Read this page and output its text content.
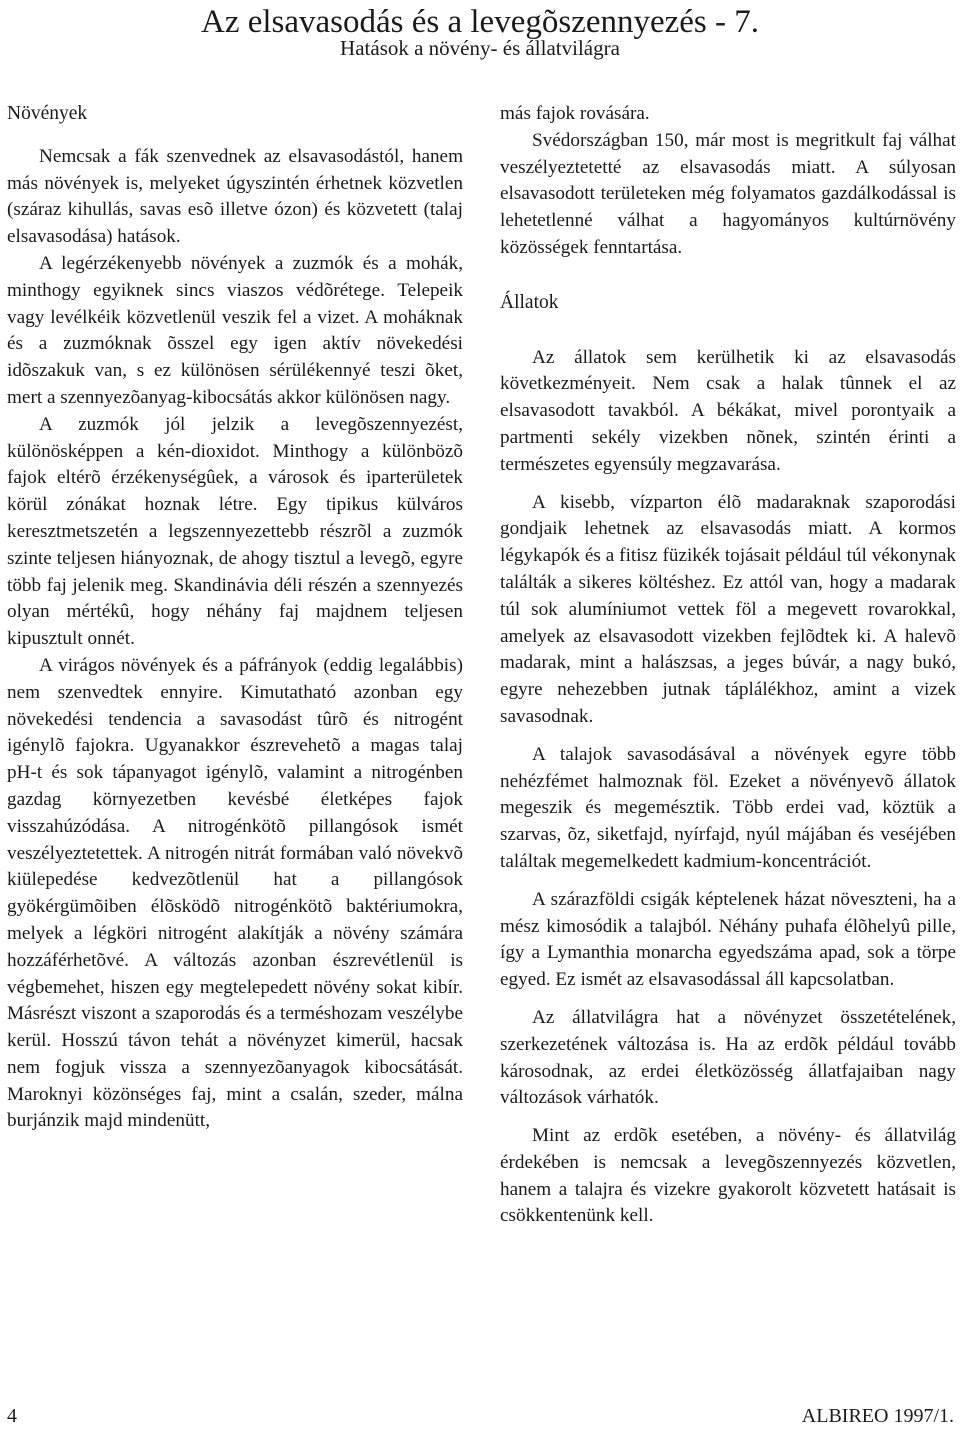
Az elsavasodás és a levegõszennyezés - 7.
Hatások a növény- és állatvilágra
Növények

Nemcsak a fák szenvednek az elsavasodástól, hanem más növények is, melyeket úgyszintén érhetnek közvetlen (száraz kihullás, savas esõ illetve ózon) és közvetett (talaj elsavasodása) hatások.

A legérzékenyebb növények a zuzmók és a mohák, minthogy egyiknek sincs viaszos védõrétege. Telepeik vagy levélkéik közvetlenül veszik fel a vizet. A moháknak és a zuzmóknak õsszel egy igen aktív növekedési idõszakuk van, s ez különösen sérülékennyé teszi õket, mert a szennyezõanyag-kibocsátás akkor különösen nagy.

A zuzmók jól jelzik a levegõszennyezést, különösképpen a kén-dioxidot. Minthogy a különbözõ fajok eltérõ érzékenységûek, a városok és iparterületek körül zónákat hoznak létre. Egy tipikus külváros keresztmetszetén a legszennyezettebb részrõl a zuzmók szinte teljesen hiányoznak, de ahogy tisztul a levegõ, egyre több faj jelenik meg. Skandinávia déli részén a szennyezés olyan mértékû, hogy néhány faj majdnem teljesen kipusztult onnét.

A virágos növények és a páfrányok (eddig legalábbis) nem szenvedtek ennyire. Kimutatható azonban egy növekedési tendencia a savasodást tûrõ és nitrogént igénylõ fajokra. Ugyanakkor észrevehetõ a magas talaj pH-t és sok tápanyagot igénylõ, valamint a nitrogénben gazdag környezetben kevésbé életképes fajok visszahúzódása. A nitrogénkötõ pillangósok ismét veszélyeztetettek. A nitrogén nitrát formában való növekvõ kiülepedése kedvezõtlenül hat a pillangósok gyökérgümõiben élõsködõ nitrogénkötõ baktériumokra, melyek a légköri nitrogént alakítják a növény számára hozzáférhetõvé. A változás azonban észrevétlenül is végbemehet, hiszen egy megtelepedett növény sokat kibír. Másrészt viszont a szaporodás és a terméshozam veszélybe kerül. Hosszú távon tehát a növényzet kimerül, hacsak nem fogjuk vissza a szennyezõanyagok kibocsátását. Maroknyi közönséges faj, mint a csalán, szeder, málna burjánzik majd mindenütt,

más fajok rovására.

Svédországban 150, már most is megritkult faj válhat veszélyeztetetté az elsavasodás miatt. A súlyosan elsavasodott területeken még folyamatos gazdálkodással is lehetetlenné válhat a hagyományos kultúrnövény közösségek fenntartása.

Állatok

Az állatok sem kerülhetik ki az elsavasodás következményeit. Nem csak a halak tûnnek el az elsavasodott tavakból. A békákat, mivel porontyaik a partmenti sekély vizekben nõnek, szintén érinti a természetes egyensúly megzavarása.

A kisebb, vízparton élõ madaraknak szaporodási gondjaik lehetnek az elsavasodás miatt. A kormos légykapók és a fitisz füzikék tojásait például túl vékonynak találták a sikeres költéshez. Ez attól van, hogy a madarak túl sok alumíniumot vettek föl a megevett rovarokkal, amelyek az elsavasodott vizekben fejlõdtek ki. A halevõ madarak, mint a halászsas, a jeges búvár, a nagy bukó, egyre nehezebben jutnak táplálékhoz, amint a vizek savasodnak.

A talajok savasodásával a növények egyre több nehézfémet halmoznak föl. Ezeket a növényevõ állatok megeszik és megemésztik. Több erdei vad, köztük a szarvas, õz, siketfajd, nyírfajd, nyúl májában és veséjében találtak megemelkedett kadmium-koncentrációt.

A szárazföldi csigák képtelenek házat növeszteni, ha a mész kimosódik a talajból. Néhány puhafa élõhelyû pille, így a Lymanthia monarcha egyedszáma apad, sok a törpe egyed. Ez ismét az elsavasodással áll kapcsolatban.

Az állatvilágra hat a növényzet összetételének, szerkezetének változása is. Ha az erdõk például tovább károsodnak, az erdei életközösség állatfajaiban nagy változások várhatók.

Mint az erdõk esetében, a növény- és állatvilág érdekében is nemcsak a levegõszennyezés közvetlen, hanem a talajra és vizekre gyakorolt közvetett hatásait is csökkentenünk kell.

4	ALBIREO 1997/1.
